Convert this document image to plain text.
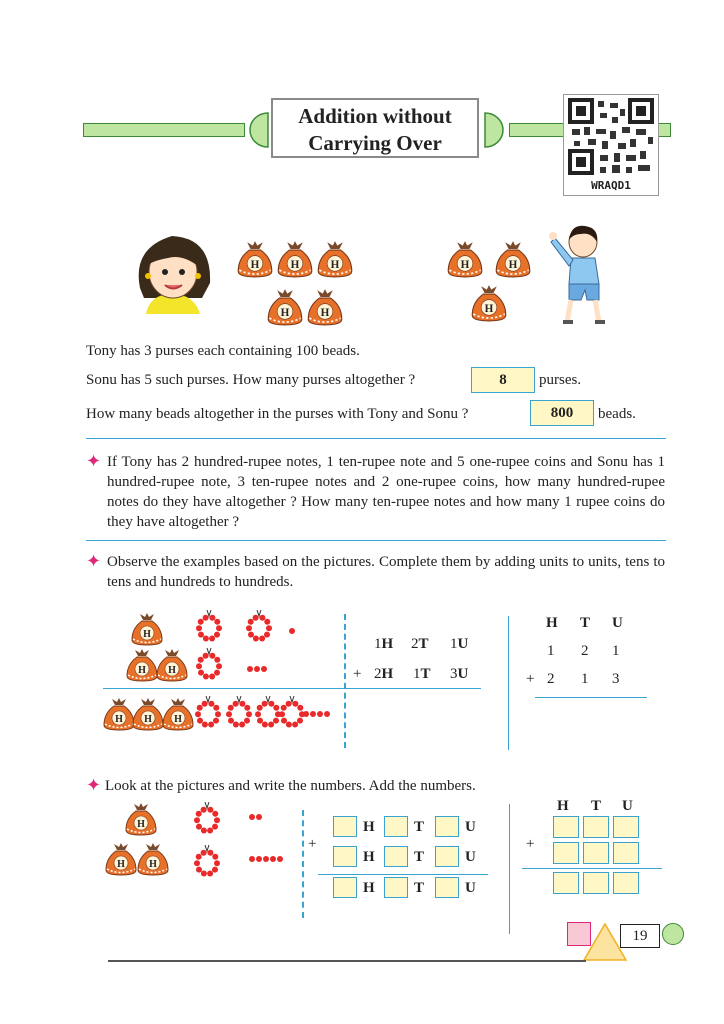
Addition without
Carrying Over
WRAQD1
H	H	H
H	H
H	H
H
Tony has 3 purses each containing 100 beads.
Sonu has 5 such purses. How many purses altogether ?	8	purses.
How many beads altogether in the purses with Tony and Sonu ?	800	beads.
✦ If Tony has 2 hundred-rupee notes, 1 ten-rupee note and 5 one-rupee coins and Sonu has 1 hundred-rupee note, 3 ten-rupee notes and 2 one-rupee coins, how many hundred-rupee notes do they have altogether ? How many ten-rupee notes and how many 1 rupee coins do they have altogether ?
✦ Observe the examples based on the pictures. Complete them by adding units to units, tens to tens and hundreds to hundreds.
H
H H
H H H
1H 2T 1U
+ 2H 1T 3U
H T U
1 2 1
+ 2 1 3
✦ Look at the pictures and write the numbers. Add the numbers.
H
H H
+
H	T	U
H	T	U
H	T	U
H T U
+
19
